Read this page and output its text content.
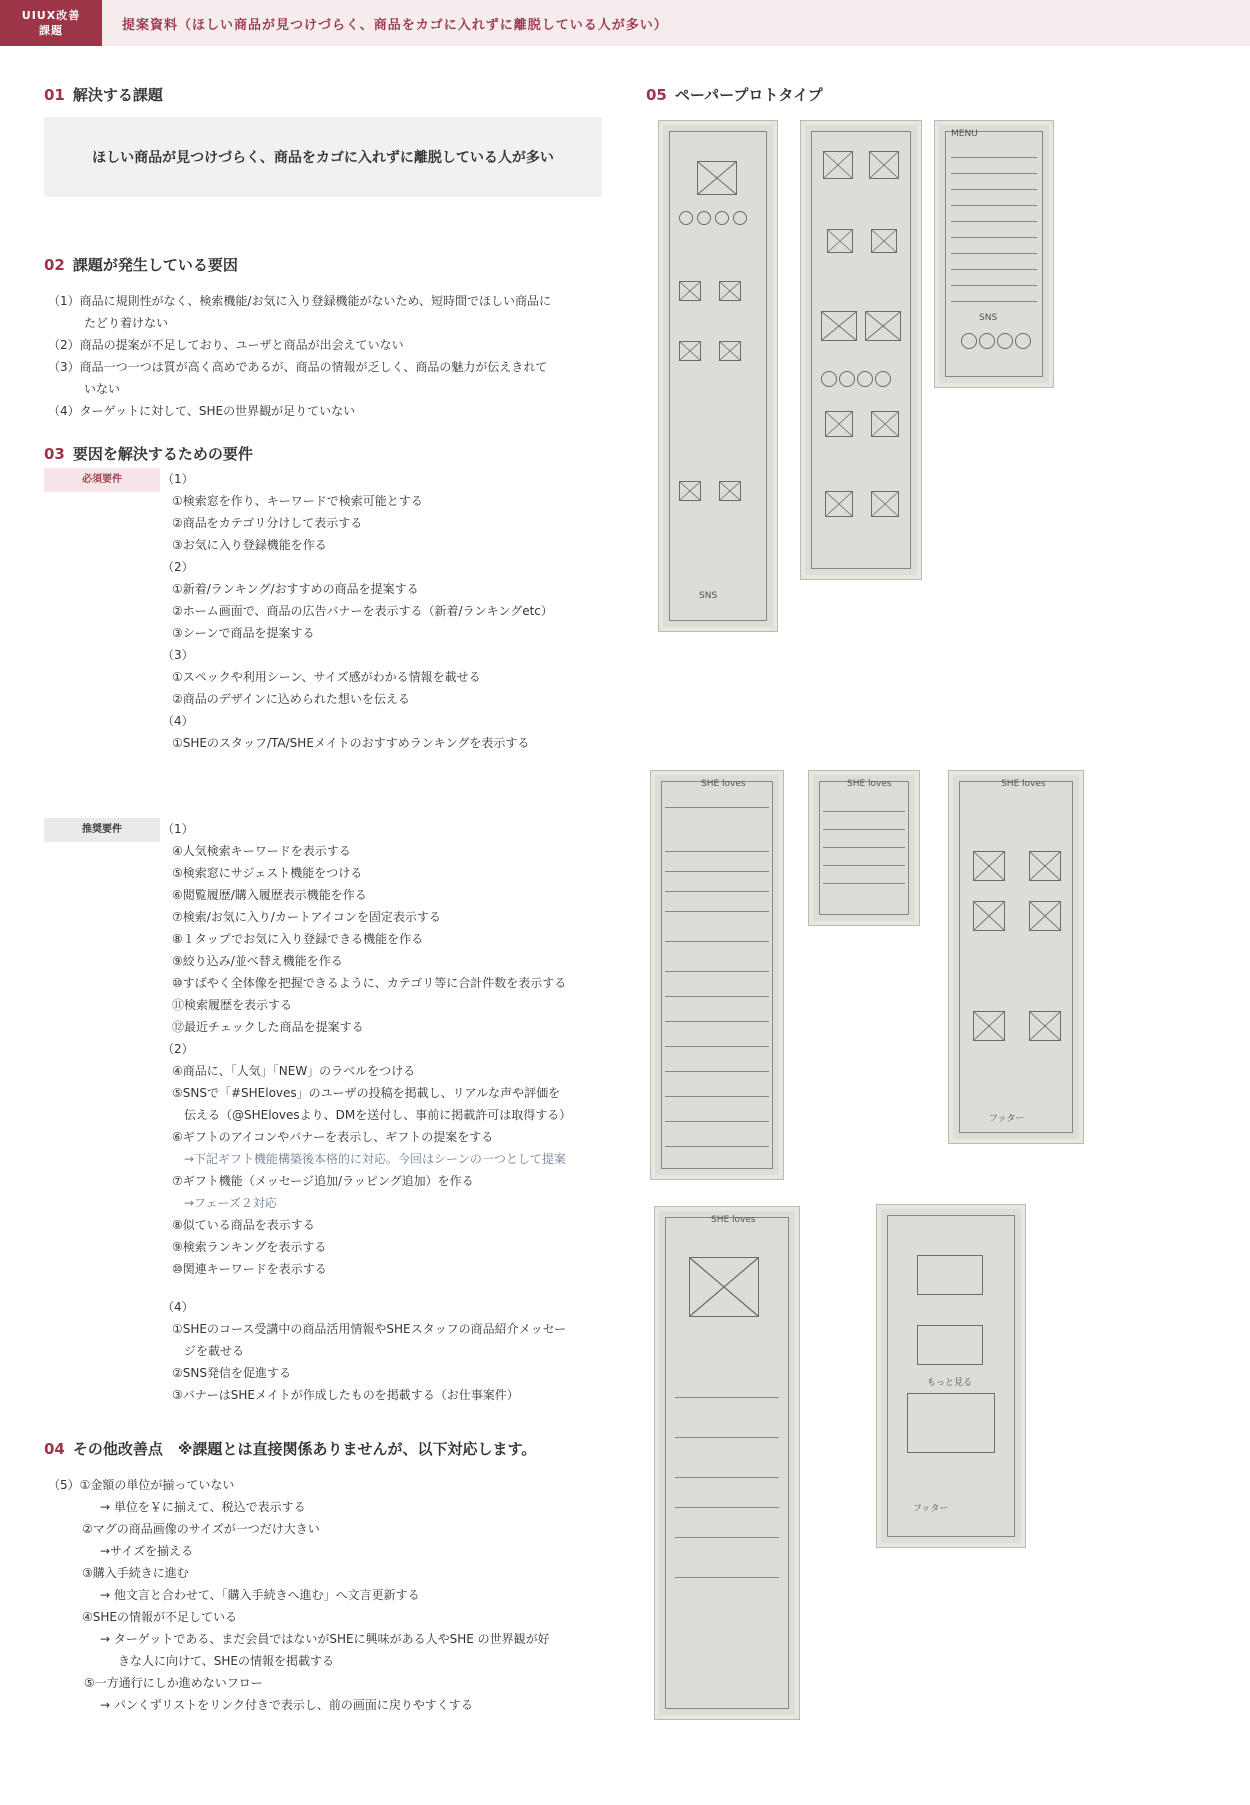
UIUX改善
課題	提案資料（ほしい商品が見つけづらく、商品をカゴに入れずに離脱している人が多い）
01 解決する課題
ほしい商品が見つけづらく、商品をカゴに入れずに離脱している人が多い
02 課題が発生している要因
（1）商品に規則性がなく、検索機能/お気に入り登録機能がないため、短時間でほしい商品に
たどり着けない
（2）商品の提案が不足しており、ユーザと商品が出会えていない
（3）商品一つ一つは質が高く高めであるが、商品の情報が乏しく、商品の魅力が伝えきれて
いない
（4）ターゲットに対して、SHEの世界観が足りていない
03 要因を解決するための要件
必須要件	（1）
①検索窓を作り、キーワードで検索可能とする
②商品をカテゴリ分けして表示する
③お気に入り登録機能を作る
（2）
①新着/ランキング/おすすめの商品を提案する
②ホーム画面で、商品の広告バナーを表示する（新着/ランキングetc）
③シーンで商品を提案する
（3）
①スペックや利用シーン、サイズ感がわかる情報を載せる
②商品のデザインに込められた想いを伝える
（4）
①SHEのスタッフ/TA/SHEメイトのおすすめランキングを表示する
推奨要件	（1）
④人気検索キーワードを表示する
⑤検索窓にサジェスト機能をつける
⑥閲覧履歴/購入履歴表示機能を作る
⑦検索/お気に入り/カートアイコンを固定表示する
⑧１タップでお気に入り登録できる機能を作る
⑨絞り込み/並べ替え機能を作る
⑩すばやく全体像を把握できるように、カテゴリ等に合計件数を表示する
⑪検索履歴を表示する
⑫最近チェックした商品を提案する
（2）
④商品に、「人気」「NEW」のラベルをつける
⑤SNSで「#SHEloves」のユーザの投稿を掲載し、リアルな声や評価を
伝える（@SHElovesより、DMを送付し、事前に掲載許可は取得する）
⑥ギフトのアイコンやバナーを表示し、ギフトの提案をする
→下記ギフト機能構築後本格的に対応。今回はシーンの一つとして提案
⑦ギフト機能（メッセージ追加/ラッピング追加）を作る
→フェーズ２対応
⑧似ている商品を表示する
⑨検索ランキングを表示する
⑩関連キーワードを表示する
（4）
①SHEのコース受講中の商品活用情報やSHEスタッフの商品紹介メッセー
ジを載せる
②SNS発信を促進する
③バナーはSHEメイトが作成したものを掲載する（お仕事案件）
04 その他改善点　※課題とは直接関係ありませんが、以下対応します。
（5）①金額の単位が揃っていない
→ 単位を￥に揃えて、税込で表示する
②マグの商品画像のサイズが一つだけ大きい
→サイズを揃える
③購入手続きに進む
→ 他文言と合わせて、「購入手続きへ進む」へ文言更新する
④SHEの情報が不足している
→ ターゲットである、まだ会員ではないがSHEに興味がある人やSHE の世界観が好
きな人に向けて、SHEの情報を掲載する
⑤一方通行にしか進めないフロー
→ パンくずリストをリンク付きで表示し、前の画面に戻りやすくする
05 ペーパープロトタイプ
SNS
MENU
SNS
SHE loves	SHE loves	SHE loves
フッター
SHE loves
もっと見る
フッター
